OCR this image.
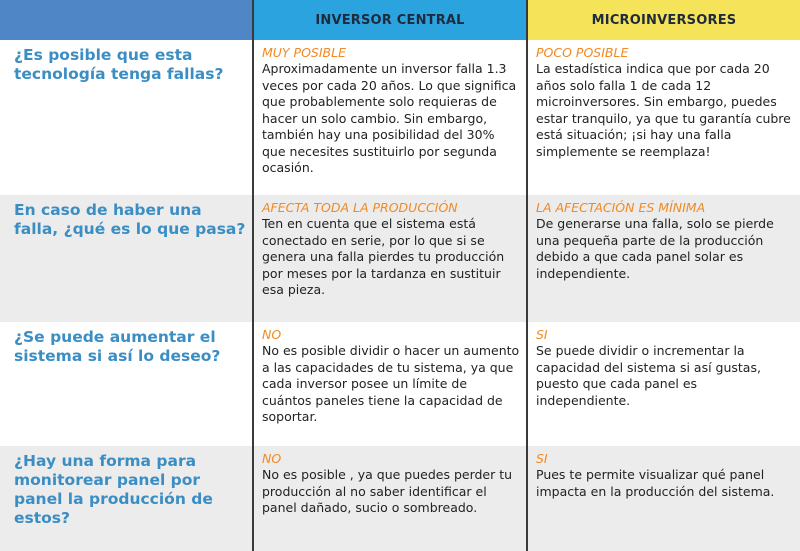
INVERSOR CENTRAL	MICROINVERSORES
¿Es posible que esta tecnología tenga fallas?
MUY POSIBLE
Aproximadamente un inversor falla 1.3 veces por cada 20 años. Lo que significa que probablemente solo requieras de hacer un solo cambio. Sin embargo, también hay una posibilidad del 30% que necesites sustituirlo por segunda ocasión.
POCO POSIBLE
La estadística indica que por cada 20 años solo falla 1 de cada 12 microinversores. Sin embargo, puedes estar tranquilo, ya que tu garantía cubre está situación; ¡si hay una falla simplemente se reemplaza!
En caso de haber una falla, ¿qué es lo que pasa?
AFECTA TODA LA PRODUCCIÓN
Ten en cuenta que el sistema está conectado en serie, por lo que si se genera una falla pierdes tu producción por meses por la tardanza en sustituir esa pieza.
LA AFECTACIÓN ES MÍNIMA
De generarse una falla, solo se pierde una pequeña parte de la producción debido a que cada panel solar es independiente.
¿Se puede aumentar el sistema si así lo deseo?
NO
No es posible dividir o hacer un aumento a las capacidades de tu sistema, ya que cada inversor posee un límite de cuántos paneles tiene la capacidad de soportar.
SI
Se puede dividir o incrementar la capacidad del sistema si así gustas, puesto que cada panel es independiente.
¿Hay una forma para monitorear panel por panel la producción de estos?
NO
No es posible , ya que puedes perder tu producción al no saber identificar el panel dañado, sucio o sombreado.
SI
Pues te permite visualizar qué panel impacta en la producción del sistema.
